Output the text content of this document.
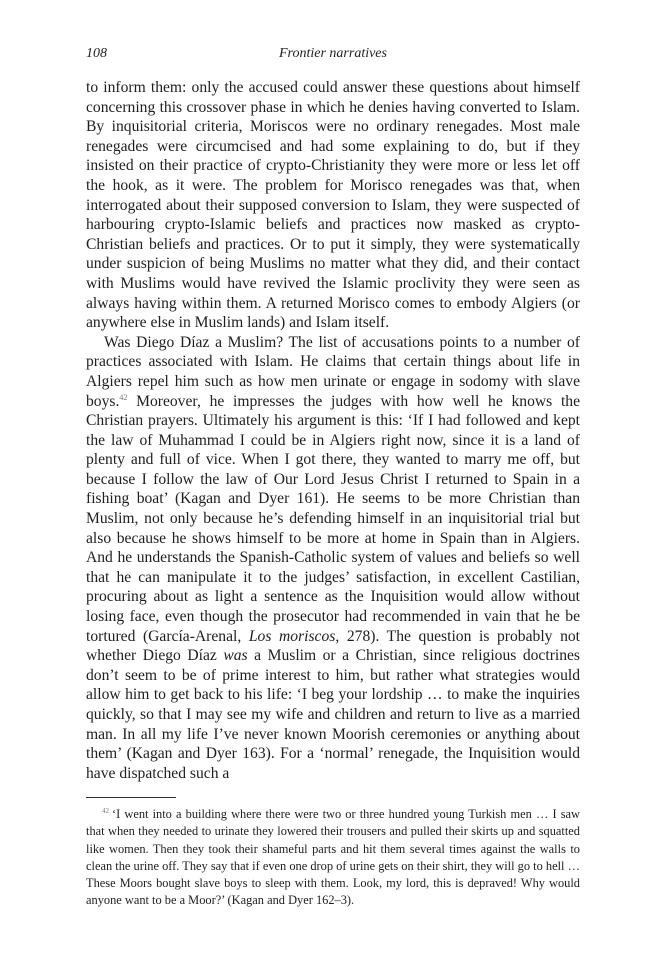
108	Frontier narratives

to inform them: only the accused could answer these questions about himself concerning this crossover phase in which he denies having converted to Islam. By inquisitorial criteria, Moriscos were no ordinary renegades. Most male renegades were circumcised and had some explaining to do, but if they insisted on their practice of crypto-Christianity they were more or less let off the hook, as it were. The problem for Morisco renegades was that, when interrogated about their supposed conversion to Islam, they were suspected of harbouring crypto-Islamic beliefs and practices now masked as crypto-Christian beliefs and practices. Or to put it simply, they were systematically under suspicion of being Muslims no matter what they did, and their contact with Muslims would have revived the Islamic proclivity they were seen as always having within them. A returned Morisco comes to embody Algiers (or anywhere else in Muslim lands) and Islam itself.

Was Diego Díaz a Muslim? The list of accusations points to a number of practices associated with Islam. He claims that certain things about life in Algiers repel him such as how men urinate or engage in sodomy with slave boys.$^{42}$ Moreover, he impresses the judges with how well he knows the Christian prayers. Ultimately his argument is this: ‘If I had followed and kept the law of Muhammad I could be in Algiers right now, since it is a land of plenty and full of vice. When I got there, they wanted to marry me off, but because I follow the law of Our Lord Jesus Christ I returned to Spain in a fishing boat’ (Kagan and Dyer 161). He seems to be more Christian than Muslim, not only because he’s defending himself in an inquisitorial trial but also because he shows himself to be more at home in Spain than in Algiers. And he understands the Spanish-Catholic system of values and beliefs so well that he can manipulate it to the judges’ satisfaction, in excellent Castilian, procuring about as light a sentence as the Inquisition would allow without losing face, even though the prosecutor had recommended in vain that he be tortured (García-Arenal, Los moriscos, 278). The question is probably not whether Diego Díaz was a Muslim or a Christian, since religious doctrines don’t seem to be of prime interest to him, but rather what strategies would allow him to get back to his life: ‘I beg your lordship … to make the inquiries quickly, so that I may see my wife and children and return to live as a married man. In all my life I’ve never known Moorish ceremonies or anything about them’ (Kagan and Dyer 163). For a ‘normal’ renegade, the Inquisition would have dispatched such a

$^{42}$ ‘I went into a building where there were two or three hundred young Turkish men … I saw that when they needed to urinate they lowered their trousers and pulled their skirts up and squatted like women. Then they took their shameful parts and hit them several times against the walls to clean the urine off. They say that if even one drop of urine gets on their shirt, they will go to hell … These Moors bought slave boys to sleep with them. Look, my lord, this is depraved! Why would anyone want to be a Moor?’ (Kagan and Dyer 162–3).
